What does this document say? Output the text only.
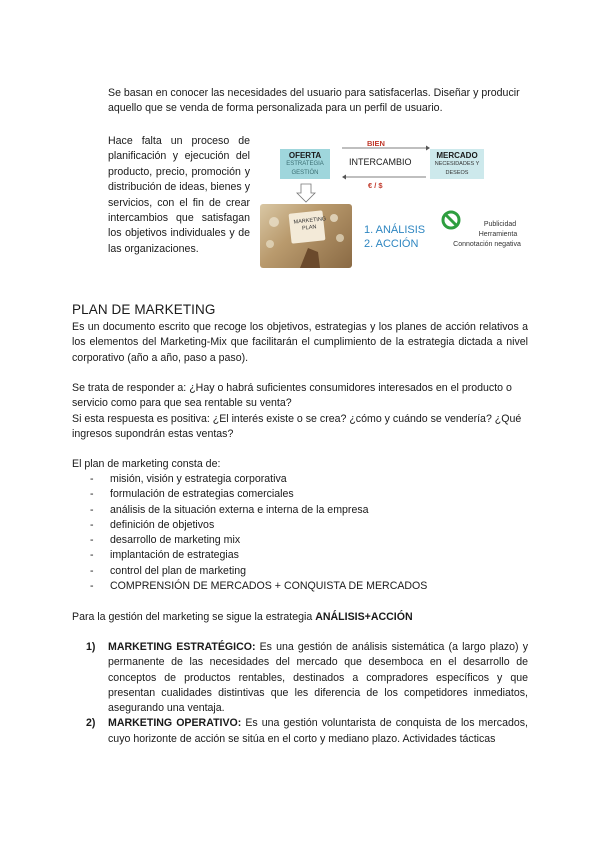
Se basan en conocer las necesidades del usuario para satisfacerlas. Diseñar y producir aquello que se venda de forma personalizada para un perfil de usuario.
Hace falta un proceso de planificación y ejecución del producto, precio, promoción y distribución de ideas, bienes y servicios, con el fin de crear intercambios que satisfagan los objetivos individuales y de las organizaciones.
BIEN
OFERTA
ESTRATEGIA GESTIÓN
INTERCAMBIO
MERCADO
NECESIDADES Y DESEOS
€ / $
MARKETING PLAN	1. ANÁLISIS
2. ACCIÓN
Publicidad
Herramienta
Connotación negativa
PLAN DE MARKETING
Es un documento escrito que recoge los objetivos, estrategias y los planes de acción relativos a los elementos del Marketing-Mix que facilitarán el cumplimiento de la estrategia dictada a nivel corporativo (año a año, paso a paso).
Se trata de responder a: ¿Hay o habrá suficientes consumidores interesados en el producto o servicio como para que sea rentable su venta?
Si esta respuesta es positiva: ¿El interés existe o se crea? ¿cómo y cuándo se vendería? ¿Qué ingresos supondrán estas ventas?
El plan de marketing consta de:
- misión, visión y estrategia corporativa
- formulación de estrategias comerciales
- análisis de la situación externa e interna de la empresa
- definición de objetivos
- desarrollo de marketing mix
- implantación de estrategias
- control del plan de marketing
- COMPRENSIÓN DE MERCADOS + CONQUISTA DE MERCADOS
Para la gestión del marketing se sigue la estrategia ANÁLISIS+ACCIÓN
1) MARKETING ESTRATÉGICO: Es una gestión de análisis sistemática (a largo plazo) y permanente de las necesidades del mercado que desemboca en el desarrollo de conceptos de productos rentables, destinados a compradores específicos y que presentan cualidades distintivas que les diferencia de los competidores inmediatos, asegurando una ventaja.
2) MARKETING OPERATIVO: Es una gestión voluntarista de conquista de los mercados, cuyo horizonte de acción se sitúa en el corto y mediano plazo. Actividades tácticas
